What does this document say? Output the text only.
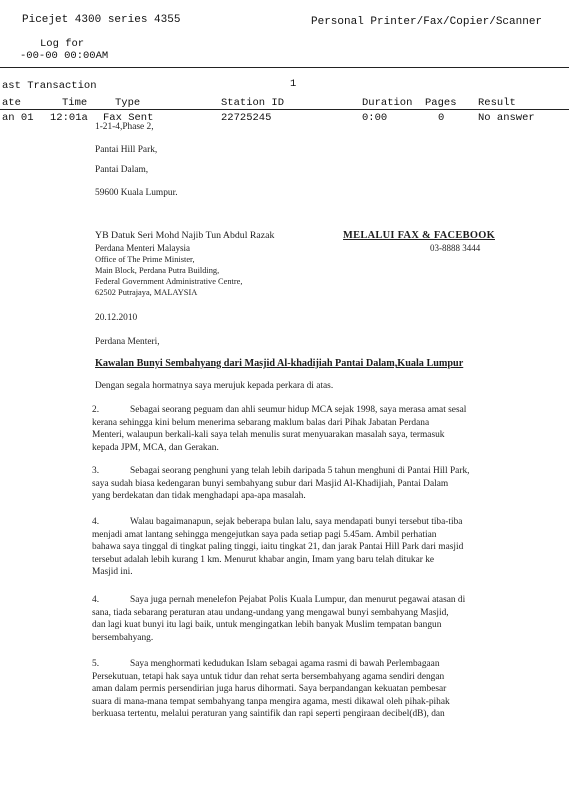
Picejet 4300 series 4355	Personal Printer/Fax/Copier/Scanner
Log for
-00-00 00:00AM
ast Transaction	1
ate	Time	Type	Station ID	Duration Pages Result
an 01 12:01a Fax Sent	22725245	0:00	0	No answer
1-21-4,Phase 2,
Pantai Hill Park,
Pantai Dalam,
59600 Kuala Lumpur.
YB Datuk Seri Mohd Najib Tun Abdul Razak
Perdana Menteri Malaysia
Office of The Prime Minister,
Main Block, Perdana Putra Building,
Federal Government Administrative Centre,
62502 Putrajaya, MALAYSIA
MELALUI FAX & FACEBOOK
03-8888 3444
20.12.2010
Perdana Menteri,
Kawalan Bunyi Sembahyang dari Masjid Al-khadijiah Pantai Dalam,Kuala Lumpur
Dengan segala hormatnya saya merujuk kepada perkara di atas.
2.	Sebagai seorang peguam dan ahli seumur hidup MCA sejak 1998, saya merasa amat sesal
kerana sehingga kini belum menerima sebarang maklum balas dari Pihak Jabatan Perdana
Menteri, walaupun berkali-kali saya telah menulis surat menyuarakan masalah saya, termasuk
kepada JPM, MCA, dan Gerakan.
3.	Sebagai seorang penghuni yang telah lebih daripada 5 tahun menghuni di Pantai Hill Park,
saya sudah biasa kedengaran bunyi sembahyang subur dari Masjid Al-Khadijiah, Pantai Dalam
yang berdekatan dan tidak menghadapi apa-apa masalah.
4.	Walau bagaimanapun, sejak beberapa bulan lalu, saya mendapati bunyi tersebut tiba-tiba
menjadi amat lantang sehingga mengejutkan saya pada setiap pagi 5.45am. Ambil perhatian
bahawa saya tinggal di tingkat paling tinggi, iaitu tingkat 21, dan jarak Pantai Hill Park dari masjid
tersebut adalah lebih kurang 1 km. Menurut khabar angin, Imam yang baru telah ditukar ke
Masjid ini.
4.	Saya juga pernah menelefon Pejabat Polis Kuala Lumpur, dan menurut pegawai atasan di
sana, tiada sebarang peraturan atau undang-undang yang mengawal bunyi sembahyang Masjid,
dan lagi kuat bunyi itu lagi baik, untuk mengingatkan lebih banyak Muslim tempatan bangun
bersembahyang.
5.	Saya menghormati kedudukan Islam sebagai agama rasmi di bawah Perlembagaan
Persekutuan, tetapi hak saya untuk tidur dan rehat serta bersembahyang agama sendiri dengan
aman dalam permis persendirian juga harus dihormati. Saya berpandangan kekuatan pembesar
suara di mana-mana tempat sembahyang tanpa mengira agama, mesti dikawal oleh pihak-pihak
berkuasa tertentu, melalui peraturan yang saintifik dan rapi seperti pengiraan decibel(dB), dan
